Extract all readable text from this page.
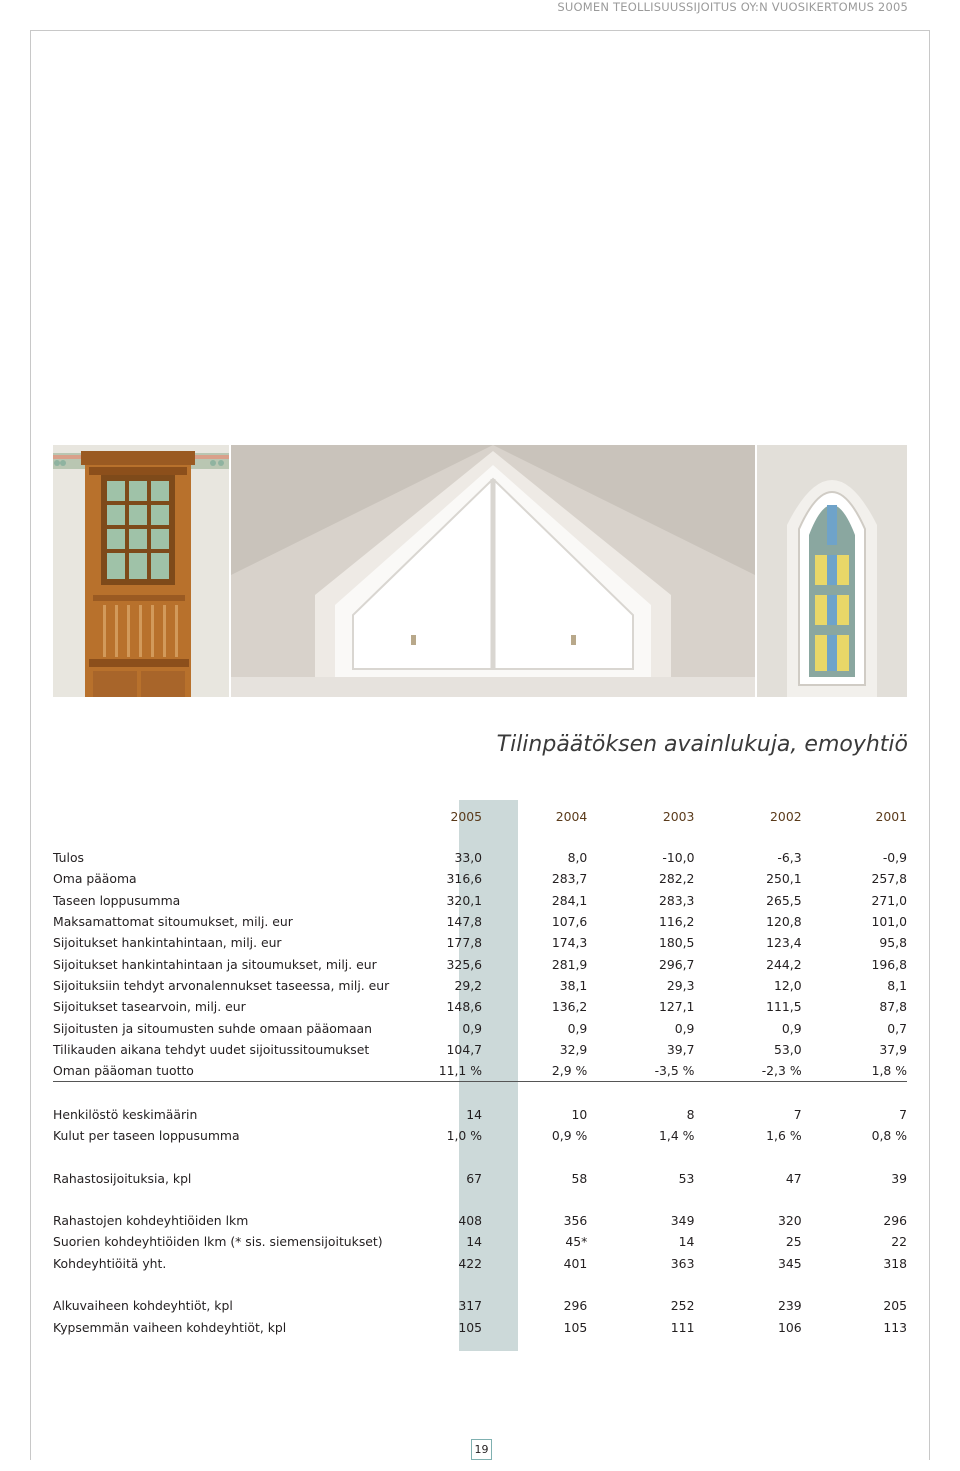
SUOMEN TEOLLISUUSSIJOITUS OY:N VUOSIKERTOMUS 2005
Tilinpäätöksen avainlukuja, emoyhtiö
	2005		2004		2003		2002		2001

Tulos	33,0		8,0		-10,0		-6,3		-0,9
Oma pääoma	316,6		283,7		282,2		250,1		257,8
Taseen loppusumma	320,1		284,1		283,3		265,5		271,0
Maksamattomat sitoumukset, milj. eur	147,8		107,6		116,2		120,8		101,0
Sijoitukset hankintahintaan, milj. eur	177,8		174,3		180,5		123,4		95,8
Sijoitukset hankintahintaan ja sitoumukset, milj. eur	325,6		281,9		296,7		244,2		196,8
Sijoituksiin tehdyt arvonalennukset taseessa, milj. eur	29,2		38,1		29,3		12,0		8,1
Sijoitukset tasearvoin, milj. eur	148,6		136,2		127,1		111,5		87,8
Sijoitusten ja sitoumusten suhde omaan pääomaan	0,9		0,9		0,9		0,9		0,7
Tilikauden aikana tehdyt uudet sijoitussitoumukset	104,7		32,9		39,7		53,0		37,9
Oman pääoman tuotto	11,1 %		2,9 %		-3,5 %		-2,3 %		1,8 %

Henkilöstö keskimäärin	14		10		8		7		7
Kulut per taseen loppusumma	1,0 %		0,9 %		1,4 %		1,6 %		0,8 %

Rahastosijoituksia, kpl	67		58		53		47		39

Rahastojen kohdeyhtiöiden lkm	408		356		349		320		296
Suorien kohdeyhtiöiden lkm (* sis. siemensijoitukset)	14		45*		14		25		22
Kohdeyhtiöitä yht.	422		401		363		345		318

Alkuvaiheen kohdeyhtiöt, kpl	317		296		252		239		205
Kypsemmän vaiheen kohdeyhtiöt, kpl	105		105		111		106		113
19
